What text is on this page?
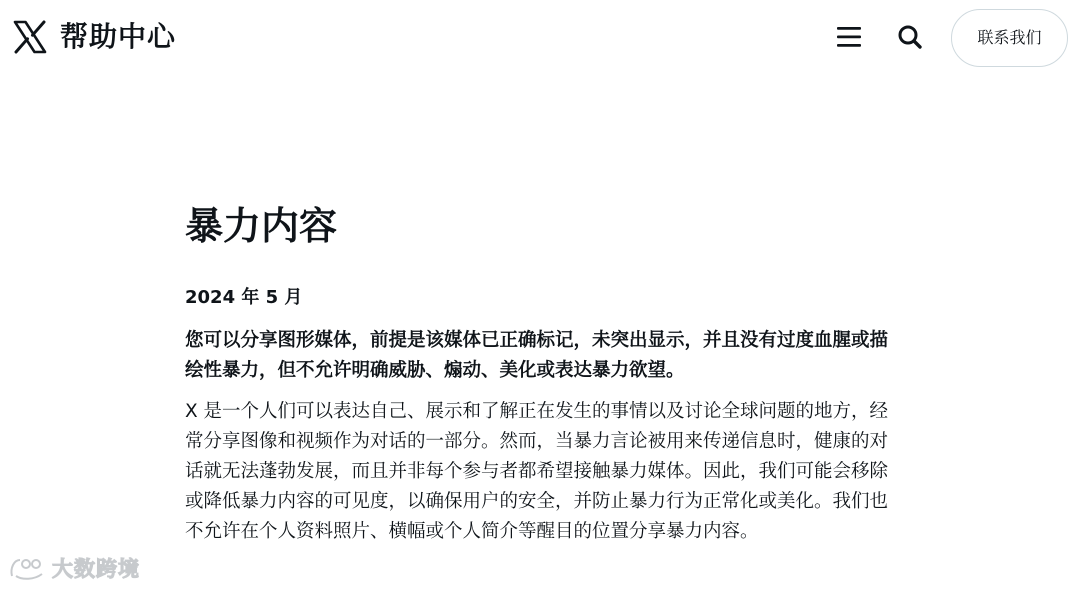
帮助中心	联系我们
暴力内容
2024 年 5 月

您可以分享图形媒体，前提是该媒体已正确标记，未突出显示，并且没有过度血腥或描绘性暴力，但不允许明确威胁、煽动、美化或表达暴力欲望。

X 是一个人们可以表达自己、展示和了解正在发生的事情以及讨论全球问题的地方，经常分享图像和视频作为对话的一部分。然而，当暴力言论被用来传递信息时，健康的对话就无法蓬勃发展，而且并非每个参与者都希望接触暴力媒体。因此，我们可能会移除或降低暴力内容的可见度，以确保用户的安全，并防止暴力行为正常化或美化。我们也不允许在个人资料照片、横幅或个人简介等醒目的位置分享暴力内容。

大数跨境
